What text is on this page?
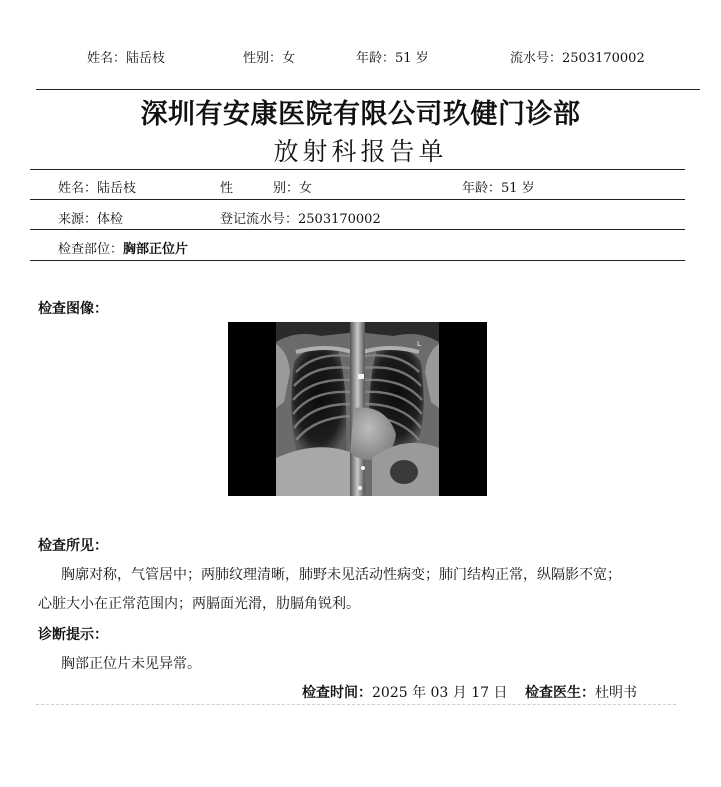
姓名：陆岳枝	性别：女	年龄：51 岁	流水号：2503170002
深圳有安康医院有限公司玖健门诊部
放射科报告单
姓名：陆岳枝	性	别：女	年龄：51 岁
来源：体检	登记流水号：2503170002
检查部位：胸部正位片
检查图像：
L
检查所见：
胸廓对称，气管居中；两肺纹理清晰，肺野未见活动性病变；肺门结构正常，纵隔影不宽；
心脏大小在正常范围内；两膈面光滑，肋膈角锐利。
诊断提示：
胸部正位片未见异常。
检查时间：2025 年 03 月 17 日 检查医生：杜明书
